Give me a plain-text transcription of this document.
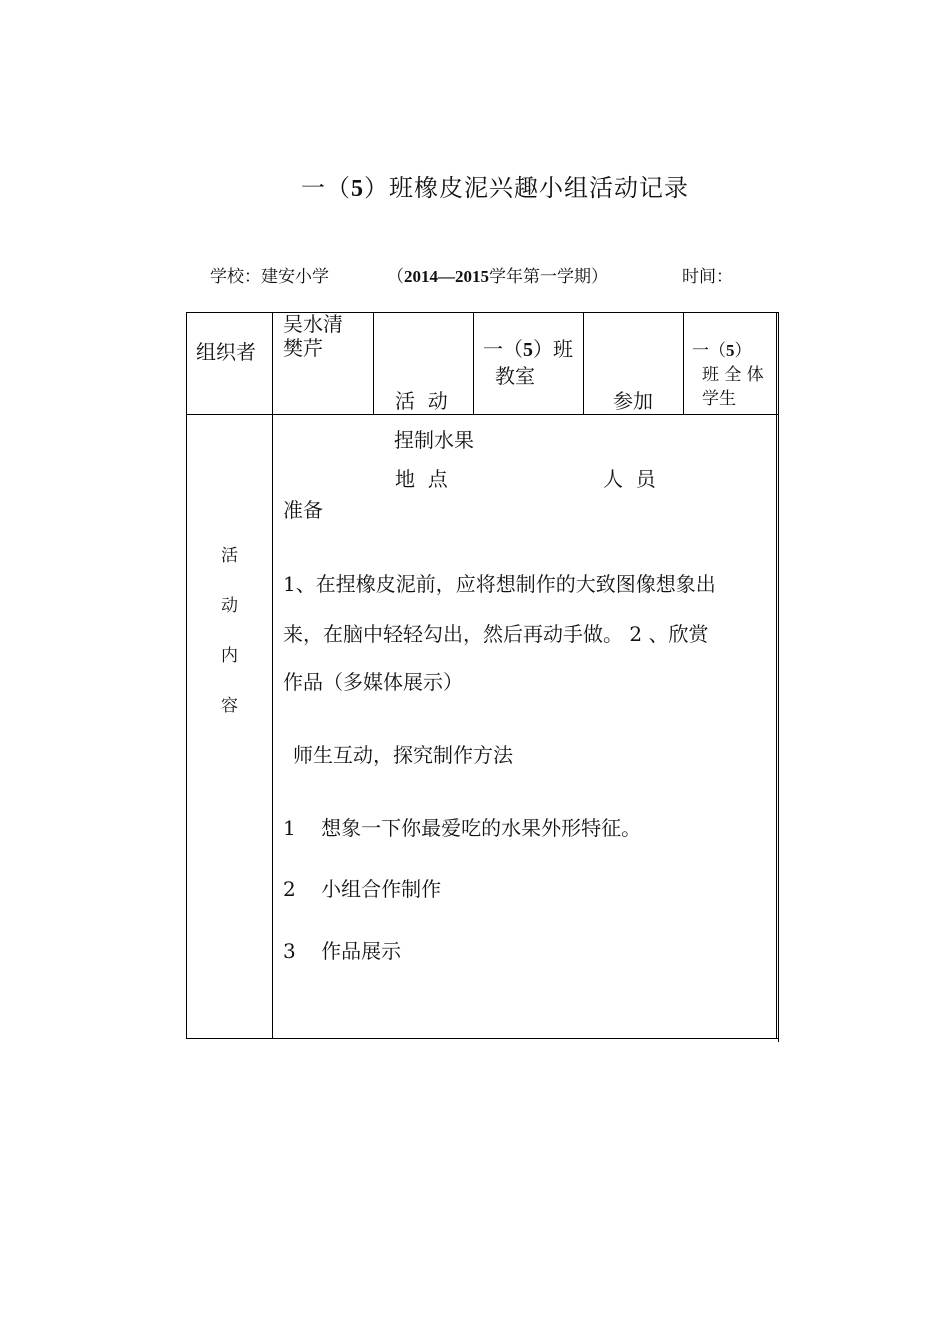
一（5）班橡皮泥兴趣小组活动记录
学校：建安小学	（2014—2015学年第一学期）	时间：
组织者
吴水清
樊芹

活  动

地  点

一（5）班
教室

参加

人  员

一（5）
班 全 体
学生
活
动
内
容
捏制水果
准备
1、在捏橡皮泥前，应将想制作的大致图像想象出
来，在脑中轻轻勾出，然后再动手做。 2 、欣赏
作品（多媒体展示）
师生互动，探究制作方法
1    想象一下你最爱吃的水果外形特征。
2    小组合作制作
3    作品展示
